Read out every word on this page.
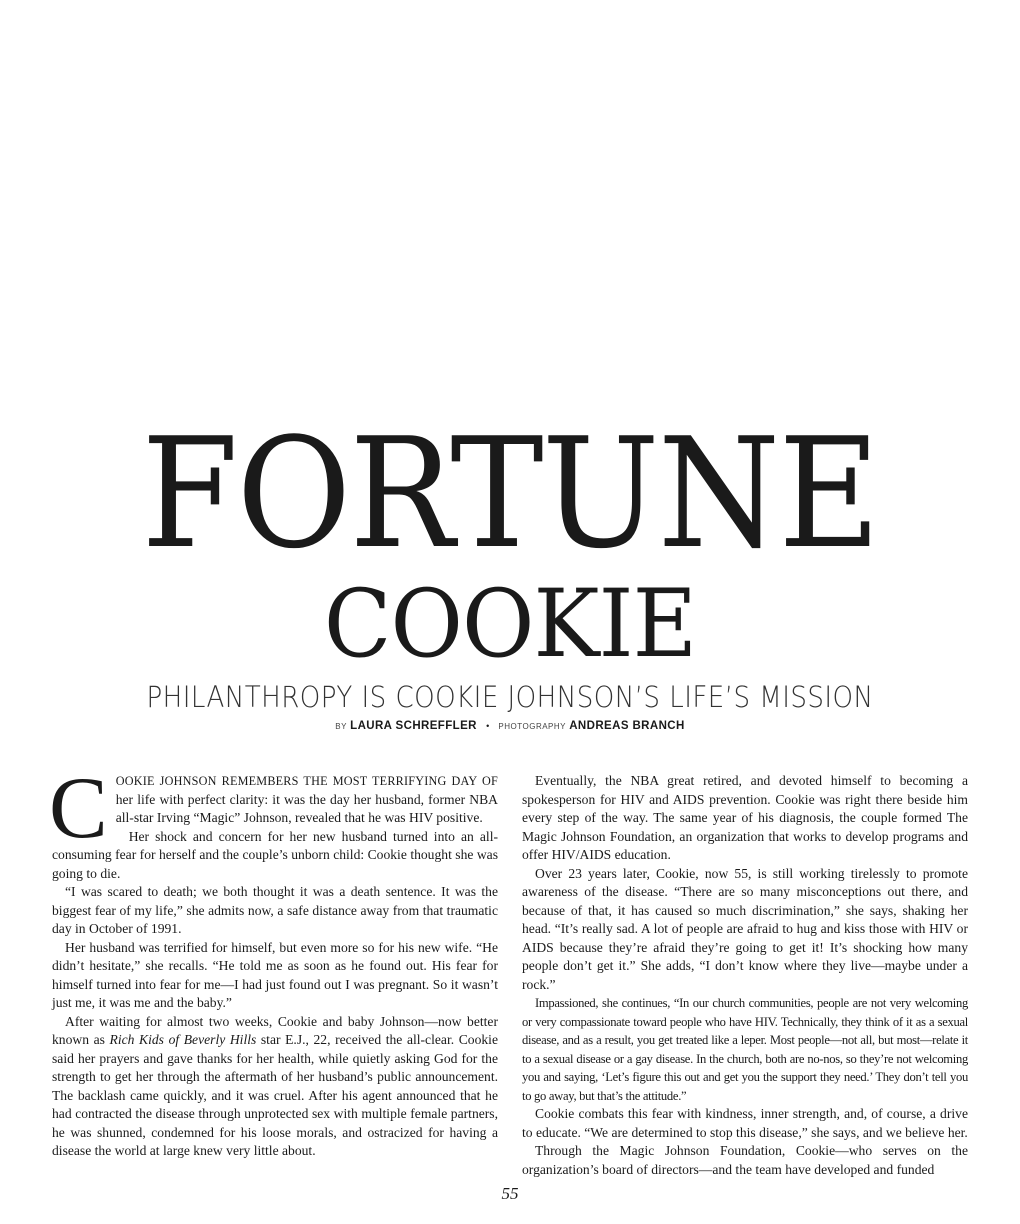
FORTUNE
COOKIE
PHILANTHROPY IS COOKIE JOHNSON’S LIFE’S MISSION
BY LAURA SCHREFFLER • PHOTOGRAPHY ANDREAS BRANCH

COOKIE JOHNSON REMEMBERS THE MOST TERRIFYING DAY OF her life with perfect clarity: it was the day her husband, former NBA all-star Irving “Magic” Johnson, revealed that he was HIV positive.

Her shock and concern for her new husband turned into an all-consuming fear for herself and the couple’s unborn child: Cookie thought she was going to die.

“I was scared to death; we both thought it was a death sentence. It was the biggest fear of my life,” she admits now, a safe distance away from that traumatic day in October of 1991.

Her husband was terrified for himself, but even more so for his new wife. “He didn’t hesitate,” she recalls. “He told me as soon as he found out. His fear for himself turned into fear for me—I had just found out I was pregnant. So it wasn’t just me, it was me and the baby.”

After waiting for almost two weeks, Cookie and baby Johnson—now better known as Rich Kids of Beverly Hills star E.J., 22, received the all-clear. Cookie said her prayers and gave thanks for her health, while quietly asking God for the strength to get her through the aftermath of her husband’s public announcement. The backlash came quickly, and it was cruel. After his agent announced that he had contracted the disease through unprotected sex with multiple female partners, he was shunned, condemned for his loose morals, and ostracized for having a disease the world at large knew very little about.

Eventually, the NBA great retired, and devoted himself to becoming a spokesperson for HIV and AIDS prevention. Cookie was right there beside him every step of the way. The same year of his diagnosis, the couple formed The Magic Johnson Foundation, an organization that works to develop programs and offer HIV/AIDS education.

Over 23 years later, Cookie, now 55, is still working tirelessly to promote awareness of the disease. “There are so many misconceptions out there, and because of that, it has caused so much discrimination,” she says, shaking her head. “It’s really sad. A lot of people are afraid to hug and kiss those with HIV or AIDS because they’re afraid they’re going to get it! It’s shocking how many people don’t get it.” She adds, “I don’t know where they live—maybe under a rock.”

Impassioned, she continues, “In our church communities, people are not very welcoming or very compassionate toward people who have HIV. Technically, they think of it as a sexual disease, and as a result, you get treated like a leper. Most people—not all, but most—relate it to a sexual disease or a gay disease. In the church, both are no-nos, so they’re not welcoming you and saying, ‘Let’s figure this out and get you the support they need.’ They don’t tell you to go away, but that’s the attitude.”

Cookie combats this fear with kindness, inner strength, and, of course, a drive to educate. “We are determined to stop this disease,” she says, and we believe her.

Through the Magic Johnson Foundation, Cookie—who serves on the organization’s board of directors—and the team have developed and funded

55
